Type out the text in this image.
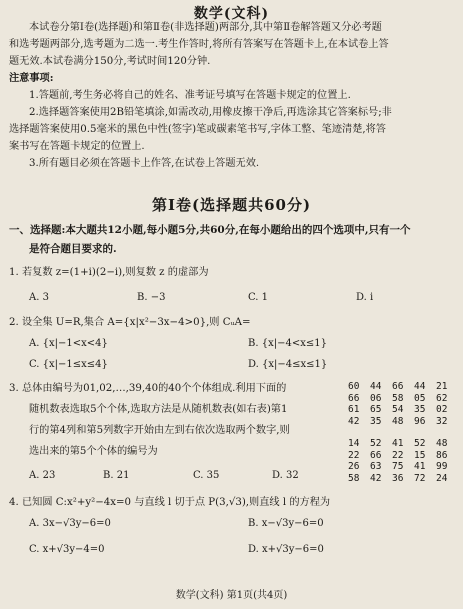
数学(文科)
本试卷分第Ⅰ卷(选择题)和第Ⅱ卷(非选择题)两部分,其中第Ⅱ卷解答题又分必考题
和选考题两部分,选考题为二选一.考生作答时,将所有答案写在答题卡上,在本试卷上答
题无效.本试卷满分150分,考试时间120分钟.
注意事项:
1.答题前,考生务必将自己的姓名、准考证号填写在答题卡规定的位置上.
2.选择题答案使用2B铅笔填涂,如需改动,用橡皮擦干净后,再选涂其它答案标号;非
选择题答案使用0.5毫米的黑色中性(签字)笔或碳素笔书写,字体工整、笔迹清楚,将答
案书写在答题卡规定的位置上.
3.所有题目必须在答题卡上作答,在试卷上答题无效.
第Ⅰ卷(选择题共60分)
一、选择题:本大题共12小题,每小题5分,共60分,在每小题给出的四个选项中,只有一个
是符合题目要求的.
1. 若复数 z=(1+i)(2−i),则复数 z 的虚部为
A. 3	B. −3	C. 1	D. i
2. 设全集 U=R,集合 A={x|x²−3x−4>0},则 CᵤA=
A. {x|−1<x<4}	B. {x|−4<x≤1}
C. {x|−1≤x≤4}	D. {x|−4≤x≤1}
3. 总体由编号为01,02,…,39,40的40个个体组成.利用下面的
随机数表选取5个个体,选取方法是从随机数表(如右表)第1
行的第4列和第5列数字开始由左到右依次选取两个数字,则
选出来的第5个个体的编号为
A. 23	B. 21	C. 35	D. 32
60 44 66 44 21
66 06 58 05 62
61 65 54 35 02
42 35 48 96 32
14 52 41 52 48
22 66 22 15 86
26 63 75 41 99
58 42 36 72 24
4. 已知圆 C:x²+y²−4x=0 与直线 l 切于点 P(3,√3),则直线 l 的方程为
A. 3x−√3y−6=0	B. x−√3y−6=0
C. x+√3y−4=0	D. x+√3y−6=0
数学(文科) 第1页(共4页)
